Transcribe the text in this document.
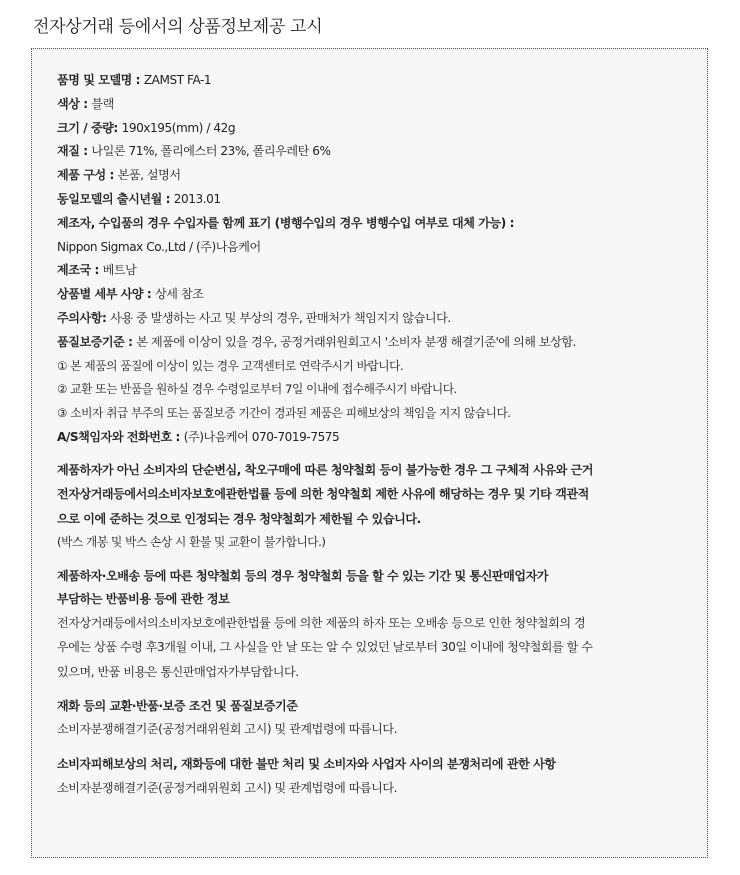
전자상거래 등에서의 상품정보제공 고시
품명 및 모델명 : ZAMST FA-1
색상 : 블랙
크기 / 중량: 190x195(mm) / 42g
재질 : 나일론 71%, 폴리에스터 23%, 폴리우레탄 6%
제품 구성 : 본품, 설명서
동일모델의 출시년월 : 2013.01
제조자, 수입품의 경우 수입자를 함께 표기 (병행수입의 경우 병행수입 여부로 대체 가능) :
Nippon Sigmax Co.,Ltd / (주)나음케어
제조국 : 베트남
상품별 세부 사양 : 상세 참조
주의사항: 사용 중 발생하는 사고 및 부상의 경우, 판매처가 책임지지 않습니다.
품질보증기준 : 본 제품에 이상이 있을 경우, 공정거래위원회고시 '소비자 분쟁 해결기준'에 의해 보상함.
① 본 제품의 품질에 이상이 있는 경우 고객센터로 연락주시기 바랍니다.
② 교환 또는 반품을 원하실 경우 수령일로부터 7일 이내에 접수해주시기 바랍니다.
③ 소비자 취급 부주의 또는 품질보증 기간이 경과된 제품은 피해보상의 책임을 지지 않습니다.
A/S책임자와 전화번호 : (주)나음케어 070-7019-7575
제품하자가 아닌 소비자의 단순변심, 착오구매에 따른 청약철회 등이 불가능한 경우 그 구체적 사유와 근거
전자상거래등에서의소비자보호에관한법률 등에 의한 청약철회 제한 사유에 해당하는 경우 및 기타 객관적
으로 이에 준하는 것으로 인정되는 경우 청약철회가 제한될 수 있습니다.
(박스 개봉 및 박스 손상 시 환불 및 교환이 불가합니다.)
제품하자·오배송 등에 따른 청약철회 등의 경우 청약철회 등을 할 수 있는 기간 및 통신판매업자가
부담하는 반품비용 등에 관한 정보
전자상거래등에서의소비자보호에관한법률 등에 의한 제품의 하자 또는 오배송 등으로 인한 청약철회의 경
우에는 상품 수령 후3개월 이내, 그 사실을 안 날 또는 알 수 있었던 날로부터 30일 이내에 청약철회를 할 수
있으며, 반품 비용은 통신판매업자가부담합니다.
재화 등의 교환·반품·보증 조건 및 품질보증기준
소비자분쟁해결기준(공정거래위원회 고시) 및 관계법령에 따릅니다.
소비자피해보상의 처리, 재화등에 대한 불만 처리 및 소비자와 사업자 사이의 분쟁처리에 관한 사항
소비자분쟁해결기준(공정거래위원회 고시) 및 관계법령에 따릅니다.
